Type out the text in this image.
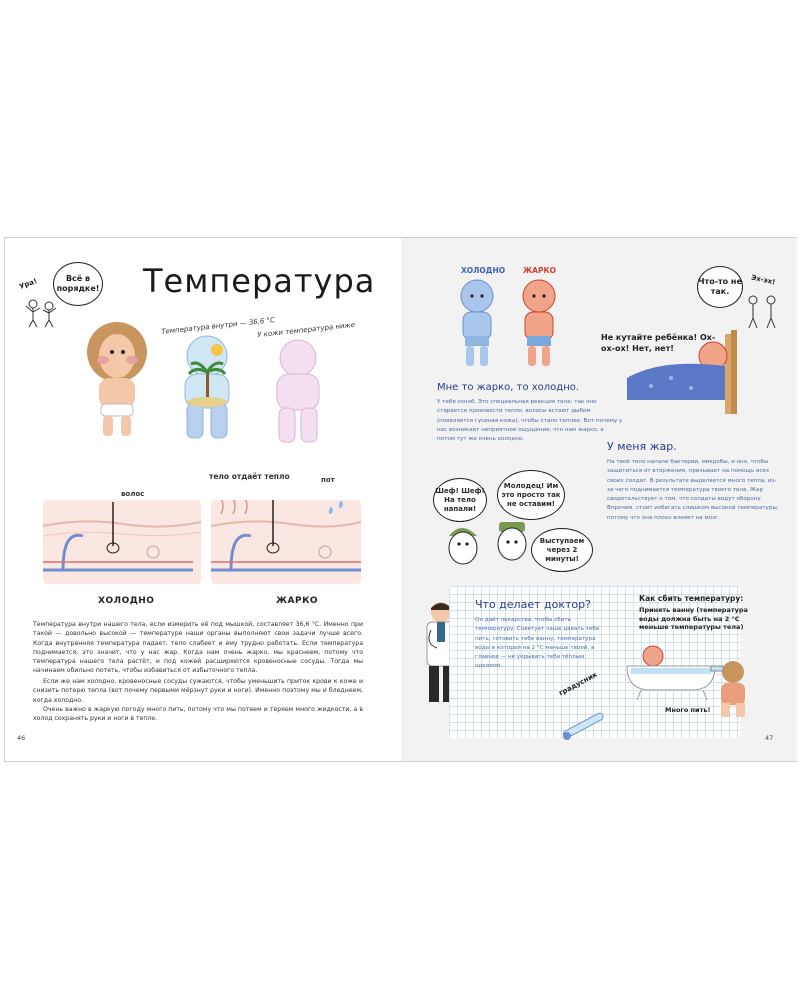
Ура!	Всё в порядке! Температура
Температура внутри — 36,6 °С
У кожи температура ниже
тело отдаёт тепло
волос
пот
ХОЛОДНО	ЖАРКО
Температура внутри нашего тела, если измерить её под мышкой, составляет 36,6 °С. Именно при такой — довольно высокой — температуре наши органы выполняют свои задачи лучше всего. Когда внутренняя температура падает, тело слабеет и ему трудно работать. Если температура поднимается, это значит, что у нас жар. Когда нам очень жарко, мы краснеем, потому что температура нашего тела растёт, и под кожей расширяются кровеносные сосуды. Тогда мы начинаем обильно потеть, чтобы избавиться от избыточного тепла.
Если же нам холодно, кровеносные сосуды сужаются, чтобы уменьшить приток крови к коже и снизить потерю тепла (вот почему первыми мёрзнут руки и ноги). Именно поэтому мы и бледнеем, когда холодно.
Очень важно в жаркую погоду много пить, потому что мы потеем и теряем много жидкости, а в холод сохранять руки и ноги в тепле.
46
ХОЛОДНО ЖАРКО
Что-то не так.
Эх-эх!
Не кутайте ребёнка! Ох-ох-ох! Нет, нет!
Мне то жарко, то холодно.
У тебя озноб. Это специальная реакция тела: так оно старается произвести тепло: волосы встают дыбом (появляется гусиная кожа), чтобы стало теплее. Вот почему у нас возникает неприятное ощущение, что нам жарко, а потом тут же очень холодно.
У меня жар.
На твоё тело напали бактерии, микробы, и оно, чтобы защититься от вторжения, призывает на помощь всех своих солдат. В результате выделяется много тепла, из-за чего поднимается температура твоего тела. Жар свидетельствует о том, что солдаты ведут оборону. Впрочем, стоит избегать слишком высокой температуры, потому что она плохо влияет на мозг.
Шеф! Шеф! На тело напали!
Молодец! Им это просто так не оставим!
Выступаем через 2 минуты!
Что делает доктор?
Он даёт лекарства, чтобы сбить температуру. Советует чаще давать тебе пить, готовить тебе ванну, температура воды в которой на 2 °С меньше твоей, а главное — не укрывать тебя тёплым одеялом.
Как сбить температуру:
Принять ванну (температура воды должна быть на 2 °С меньше температуры тела)
Много пить!
градусник
47
